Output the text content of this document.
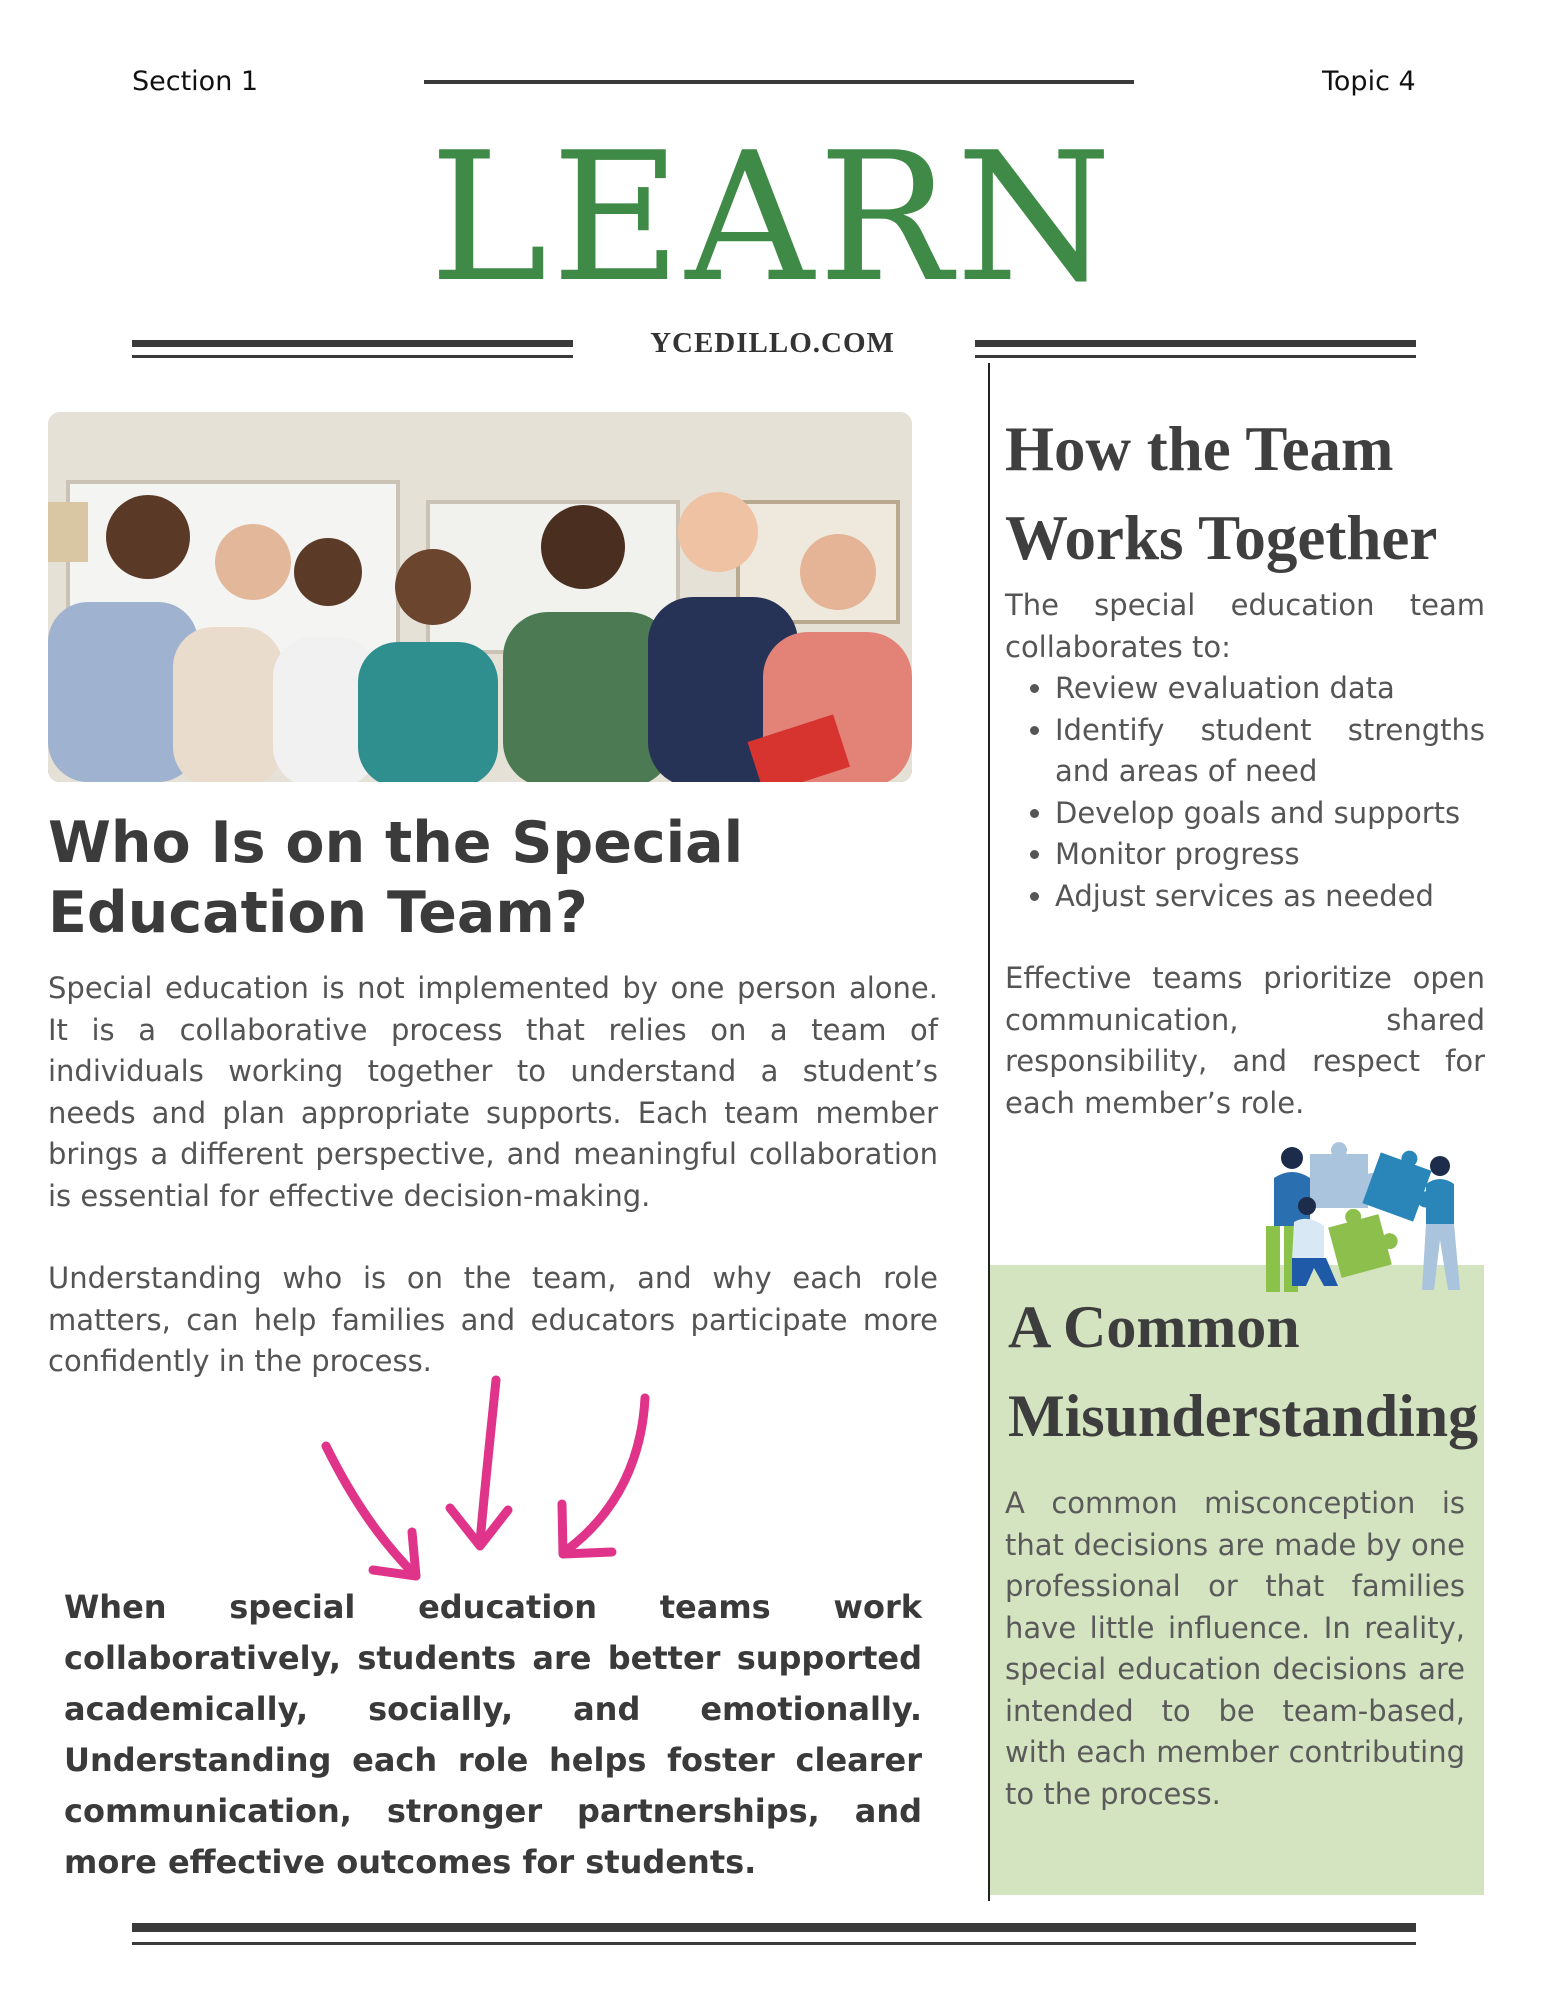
Section 1	Topic 4
LEARN
YCEDILLO.COM
Who Is on the Special Education Team?

Special education is not implemented by one person alone. It is a collaborative process that relies on a team of individuals working together to understand a student’s needs and plan appropriate supports. Each team member brings a different perspective, and meaningful collaboration is essential for effective decision-making.

Understanding who is on the team, and why each role matters, can help families and educators participate more confidently in the process.

When special education teams work collaboratively, students are better supported academically, socially, and emotionally. Understanding each role helps foster clearer communication, stronger partnerships, and more effective outcomes for students.
How the Team Works Together

The special education team collaborates to:

• Review evaluation data
• Identify student strengths and areas of need
• Develop goals and supports
• Monitor progress
• Adjust services as needed

Effective teams prioritize open communication, shared responsibility, and respect for each member’s role.

A Common Misunderstanding
A common misconception is that decisions are made by one professional or that families have little influence. In reality, special education decisions are intended to be team-based, with each member contributing to the process.
